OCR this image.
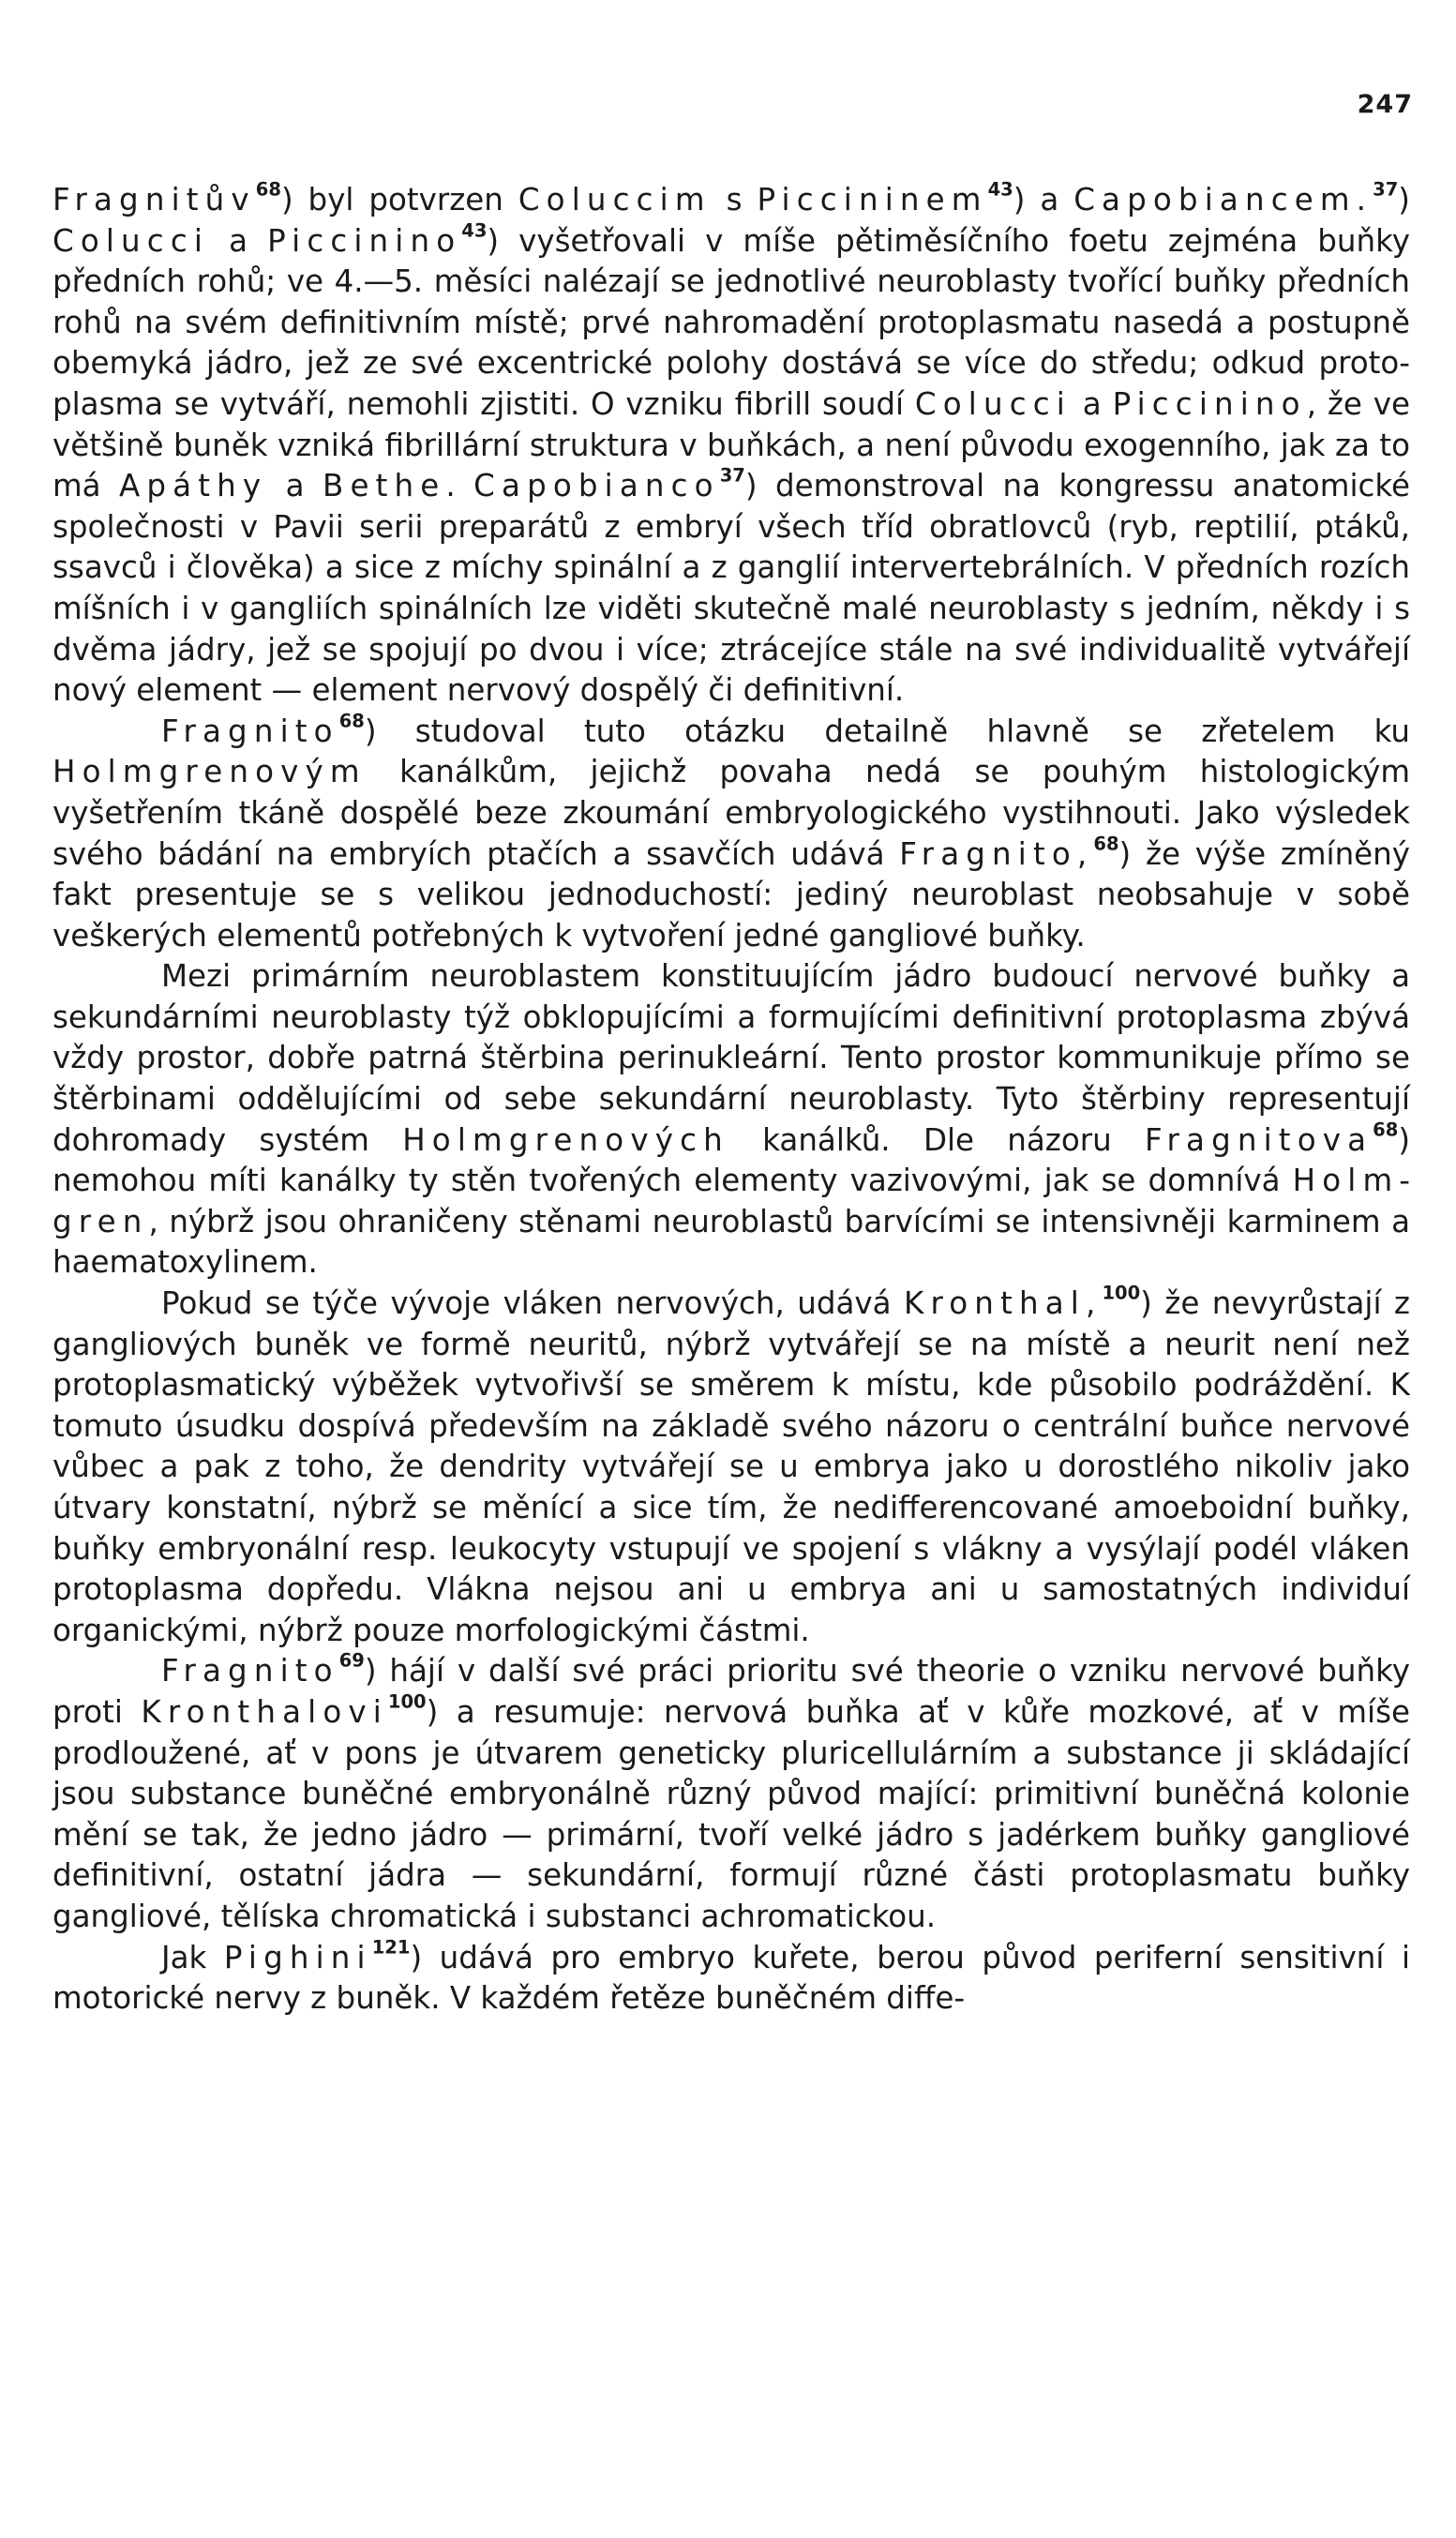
247

Fragnitův$^{68}$) byl potvrzen Coluccim s Piccininem$^{43}$) a Capobiancem.$^{37}$) Colucci a Piccinino$^{43}$) vyšetřovali v míše pětiměsíčního foetu zejména buňky předních rohů; ve 4.—5. měsíci nalézají se jednotlivé neuroblasty tvořící buňky předních rohů na svém definitivním místě; prvé nahromadění protoplasmatu nasedá a postupně obemyká jádro, jež ze své excentrické polohy dostává se více do středu; odkud protoplasma se vytváří, nemohli zjistiti. O vzniku fibrill soudí Colucci a Piccinino, že ve většině buněk vzniká fibrillární struktura v buňkách, a není původu exogenního, jak za to má Apáthy a Bethe. Capobianco$^{37}$) demonstroval na kongressu anatomické společnosti v Pavii serii preparátů z embryí všech tříd obratlovců (ryb, reptilií, ptáků, ssavců i člověka) a sice z míchy spinální a z ganglií intervertebrálních. V předních rozích míšních i v gangliích spinálních lze viděti skutečně malé neuroblasty s jedním, někdy i s dvěma jádry, jež se spojují po dvou i více; ztrácejíce stále na své individualitě vytvářejí nový element — element nervový dospělý či definitivní.

Fragnito$^{68}$) studoval tuto otázku detailně hlavně se zřetelem ku Holmgrenovým kanálkům, jejichž povaha nedá se pouhým histologickým vyšetřením tkáně dospělé beze zkoumání embryologického vystihnouti. Jako výsledek svého bádání na embryích ptačích a ssavčích udává Fragnito,$^{68}$) že výše zmíněný fakt presentuje se s velikou jednoduchostí: jediný neuroblast neobsahuje v sobě veškerých elementů potřebných k vytvoření jedné gangliové buňky.

Mezi primárním neuroblastem konstituujícím jádro budoucí nervové buňky a sekundárními neuroblasty týž obklopujícími a formujícími definitivní protoplasma zbývá vždy prostor, dobře patrná štěrbina perinukleární. Tento prostor kommunikuje přímo se štěrbinami oddělujícími od sebe sekundární neuroblasty. Tyto štěrbiny representují dohromady systém Holmgrenových kanálků. Dle názoru Fragnitova$^{68}$) nemohou míti kanálky ty stěn tvořených elementy vazivovými, jak se domnívá Holmgren, nýbrž jsou ohraničeny stěnami neuroblastů barvícími se intensivněji karminem a haematoxylinem.

Pokud se týče vývoje vláken nervových, udává Kronthal,$^{100}$) že nevyrůstají z gangliových buněk ve formě neuritů, nýbrž vytvářejí se na místě a neurit není než protoplasmatický výběžek vytvořivší se směrem k místu, kde působilo podráždění. K tomuto úsudku dospívá především na základě svého názoru o centrální buňce nervové vůbec a pak z toho, že dendrity vytvářejí se u embrya jako u dorostlého nikoliv jako útvary konstatní, nýbrž se měnící a sice tím, že nedifferencované amoeboidní buňky, buňky embryonální resp. leukocyty vstupují ve spojení s vlákny a vysýlají podél vláken protoplasma dopředu. Vlákna nejsou ani u embrya ani u samostatných individuí organickými, nýbrž pouze morfologickými částmi.

Fragnito$^{69}$) hájí v další své práci prioritu své theorie o vzniku nervové buňky proti Kronthalovi$^{100}$) a resumuje: nervová buňka ať v kůře mozkové, ať v míše prodloužené, ať v pons je útvarem geneticky pluricellulárním a substance ji skládající jsou substance buněčné embryonálně různý původ mající: primitivní buněčná kolonie mění se tak, že jedno jádro — primární, tvoří velké jádro s jadérkem buňky gangliové definitivní, ostatní jádra — sekundární, formují různé části protoplasmatu buňky gangliové, tělíska chromatická i substanci achromatickou.

Jak Pighini$^{121}$) udává pro embryo kuřete, berou původ periferní sensitivní i motorické nervy z buněk. V každém řetěze buněčném diffe-
